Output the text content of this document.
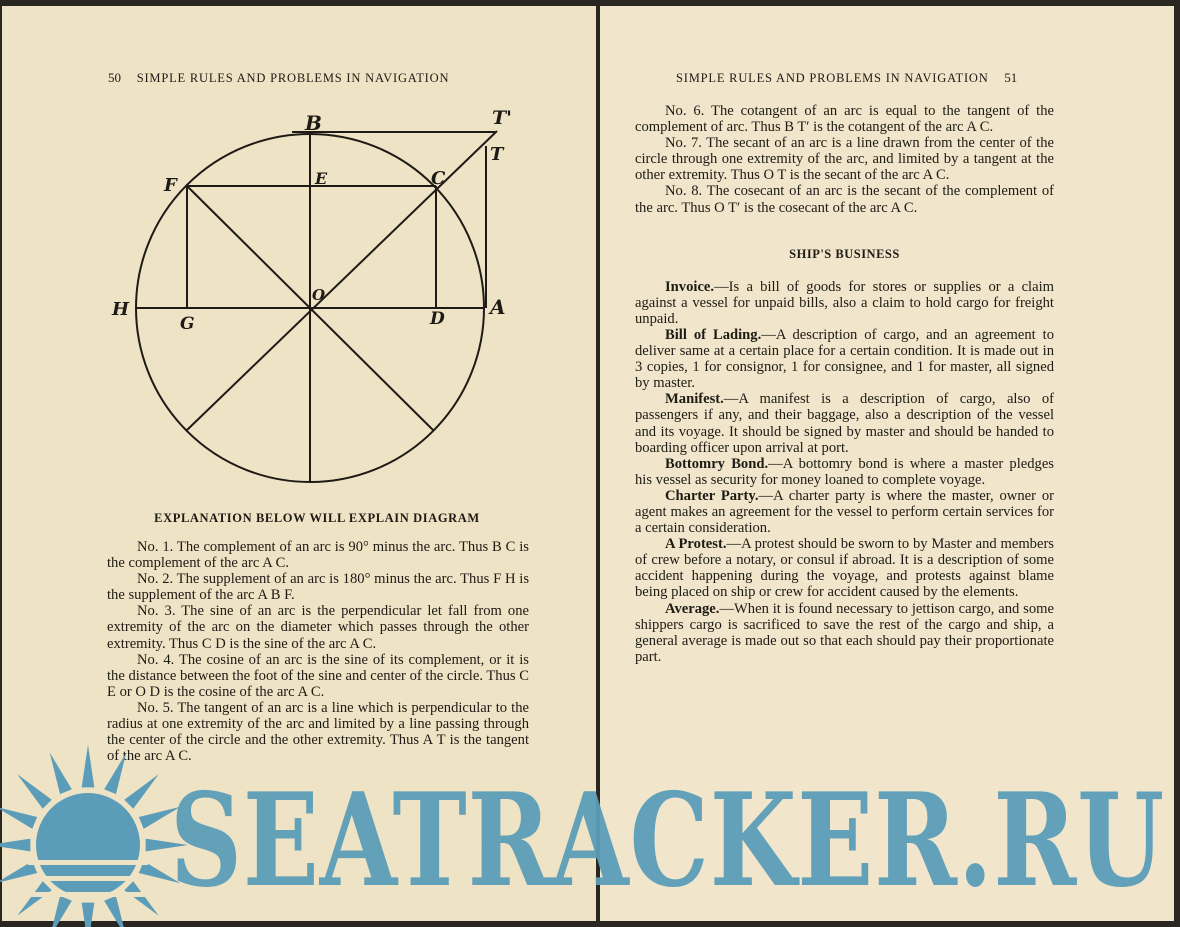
50 SIMPLE RULES AND PROBLEMS IN NAVIGATION
B	T'
T
F	E	C
H
O	A
G	D

EXPLANATION BELOW WILL EXPLAIN DIAGRAM

No. 1. The complement of an arc is 90° minus the arc. Thus B C is the complement of the arc A C.

No. 2. The supplement of an arc is 180° minus the arc. Thus F H is the supplement of the arc A B F.

No. 3. The sine of an arc is the perpendicular let fall from one extremity of the arc on the diameter which passes through the other extremity. Thus C D is the sine of the arc A C.

No. 4. The cosine of an arc is the sine of its complement, or it is the distance between the foot of the sine and center of the circle. Thus C E or O D is the cosine of the arc A C.

No. 5. The tangent of an arc is a line which is perpendicular to the radius at one extremity of the arc and limited by a line passing through the center of the circle and the other extremity. Thus A T is the tangent of the arc A C.

SIMPLE RULES AND PROBLEMS IN NAVIGATION 51

No. 6. The cotangent of an arc is equal to the tangent of the complement of arc. Thus B T′ is the cotangent of the arc A C.

No. 7. The secant of an arc is a line drawn from the center of the circle through one extremity of the arc, and limited by a tangent at the other extremity. Thus O T is the secant of the arc A C.

No. 8. The cosecant of an arc is the secant of the complement of the arc. Thus O T′ is the cosecant of the arc A C.

SHIP'S BUSINESS

Invoice.—Is a bill of goods for stores or supplies or a claim against a vessel for unpaid bills, also a claim to hold cargo for freight unpaid.

Bill of Lading.—A description of cargo, and an agreement to deliver same at a certain place for a certain condition. It is made out in 3 copies, 1 for consignor, 1 for consignee, and 1 for master, all signed by master.

Manifest.—A manifest is a description of cargo, also of passengers if any, and their baggage, also a description of the vessel and its voyage. It should be signed by master and should be handed to boarding officer upon arrival at port.

Bottomry Bond.—A bottomry bond is where a master pledges his vessel as security for money loaned to complete voyage.

Charter Party.—A charter party is where the master, owner or agent makes an agreement for the vessel to perform certain services for a certain consideration.

A Protest.—A protest should be sworn to by Master and members of crew before a notary, or consul if abroad. It is a description of some accident happening during the voyage, and protests against blame being placed on ship or crew for accident caused by the elements.

Average.—When it is found necessary to jettison cargo, and some shippers cargo is sacrificed to save the rest of the cargo and ship, a general average is made out so that each should pay their proportionate part.

SEATRACKER.RU
